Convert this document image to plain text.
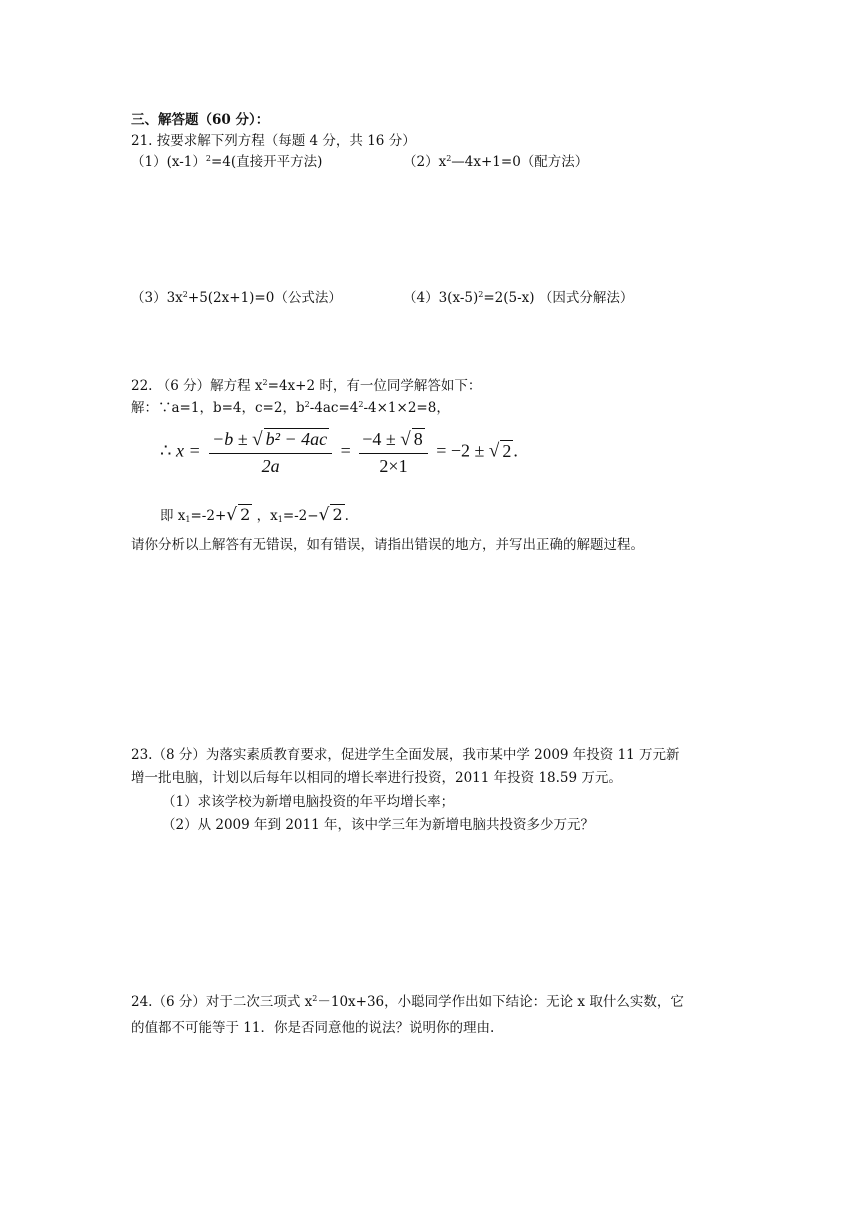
三、解答题（60 分）：
21. 按要求解下列方程（每题 4 分，共 16 分）
（1）(x-1）$^2$=4(直接开平方法)	$(2)x^2—4x+1=0$（配方法）
$(3)3x^2+5(2x+1)=0$（公式法）	$(4)3(x-5)^2=2(5-x)$ （因式分解法）
22. （6 分）解方程 $x^2=4x+2$ 时，有一位同学解答如下：
解：∵a=1，b=4，c=2，$b^2-4ac=4^2-4\times 1\times 2=8$，
∴ $x = \frac{\text{−b ± √ b² − 4ac}}{2a} = \frac{-4 \pm √ 8}{2\times 1} = -2$ ± √ 2 .
即 $x_1=-2+√$ 2 ，$x_1=-2-√$ 2 .
请你分析以上解答有无错误，如有错误，请指出错误的地方，并写出正确的解题过程。
23.（8 分）为落实素质教育要求，促进学生全面发展，我市某中学 2009 年投资 11 万元新
增一批电脑，计划以后每年以相同的增长率进行投资，2011 年投资 18.59 万元。
（1）求该学校为新增电脑投资的年平均增长率；
（2）从 2009 年到 2011 年，该中学三年为新增电脑共投资多少万元？
24.（6 分）对于二次三项式 $x^2-10x+36$，小聪同学作出如下结论：无论 x 取什么实数，它
的值都不可能等于 11．你是否同意他的说法？说明你的理由.
